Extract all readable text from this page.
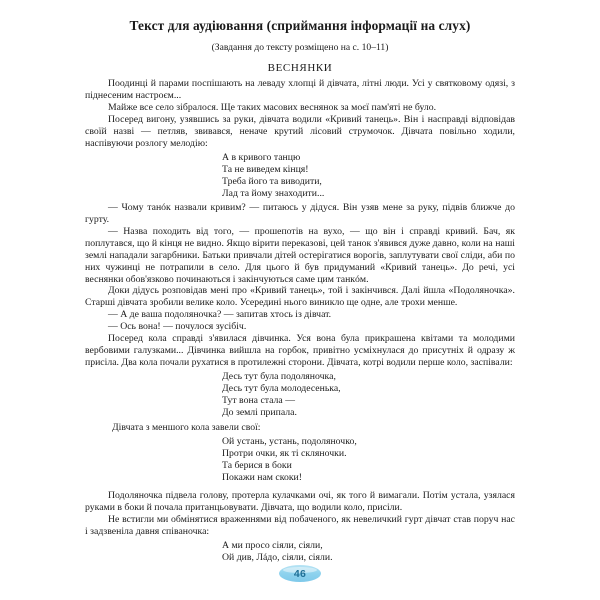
Текст для аудіювання (сприймання інформації на слух)
(Завдання до тексту розміщено на с. 10–11)
ВЕСНЯНКИ

Поодинці й парами поспішають на леваду хлопці й дівчата, літні люди. Усі у святковому одязі, з піднесеним настроєм...

Майже все село зібралося. Ще таких масових веснянок за моєї пам'яті не було.

Посеред вигону, узявшись за руки, дівчата водили «Кривий танець». Він і насправді відповідав своїй назві — петляв, звивався, неначе крутий лісовий струмочок. Дівчата повільно ходили, наспівуючи розлогу мелодію:

А в кривого танцю
Та не виведем кінця!
Треба його та виводити,
Лад та йому знаходити...

— Чому танóк назвали кривим? — питаюсь у дідуся. Він узяв мене за руку, підвів ближче до гурту.

— Назва походить від того, — прошепотів на вухо, — що він і справді кривий. Бач, як поплутався, що й кінця не видно. Якщо вірити переказові, цей танок з'явився дуже давно, коли на наші землі нападали загарбники. Батьки привчали дітей остерігатися ворогів, заплутувати свої сліди, аби по них чужинці не потрапили в село. Для цього й був придуманий «Кривий танець». До речі, усі веснянки обов'язково починаються і закінчуються саме цим танкóм.

Доки дідусь розповідав мені про «Кривий танець», той і закінчився. Далі йшла «Подоляночка». Старші дівчата зробили велике коло. Усередині нього виникло ще одне, але трохи менше.

— А де ваша подоляночка? — запитав хтось із дівчат.

— Ось вона! — почулося зусібіч.

Посеред кола справді з'явилася дівчинка. Уся вона була прикрашена квітами та молодими вербовими галузками... Дівчинка вийшла на горбок, привітно усміхнулася до присутніх й одразу ж присіла. Два кола почали рухатися в протилежні сторони. Дівчата, котрі водили перше коло, заспівали:

Десь тут була подоляночка,
Десь тут була молодесенька,
Тут вона стала —
До землі припала.
Дівчата з меншого кола завели свої:
Ой устань, устань, подоляночко,
Протри очки, як ті скляночки.
Та берися в боки
Покажи нам скоки!

Подоляночка підвела голову, протерла кулачками очі, як того й вимагали. Потім устала, узялася руками в боки й почала пританцьовувати. Дівчата, що водили коло, присіли.

Не встигли ми обмінятися враженнями від побаченого, як невеличкий гурт дівчат став поруч нас і задзвеніла давня співаночка:

А ми просо сіяли, сіяли,
Ой див, Лáдо, сіяли, сіяли.
46
